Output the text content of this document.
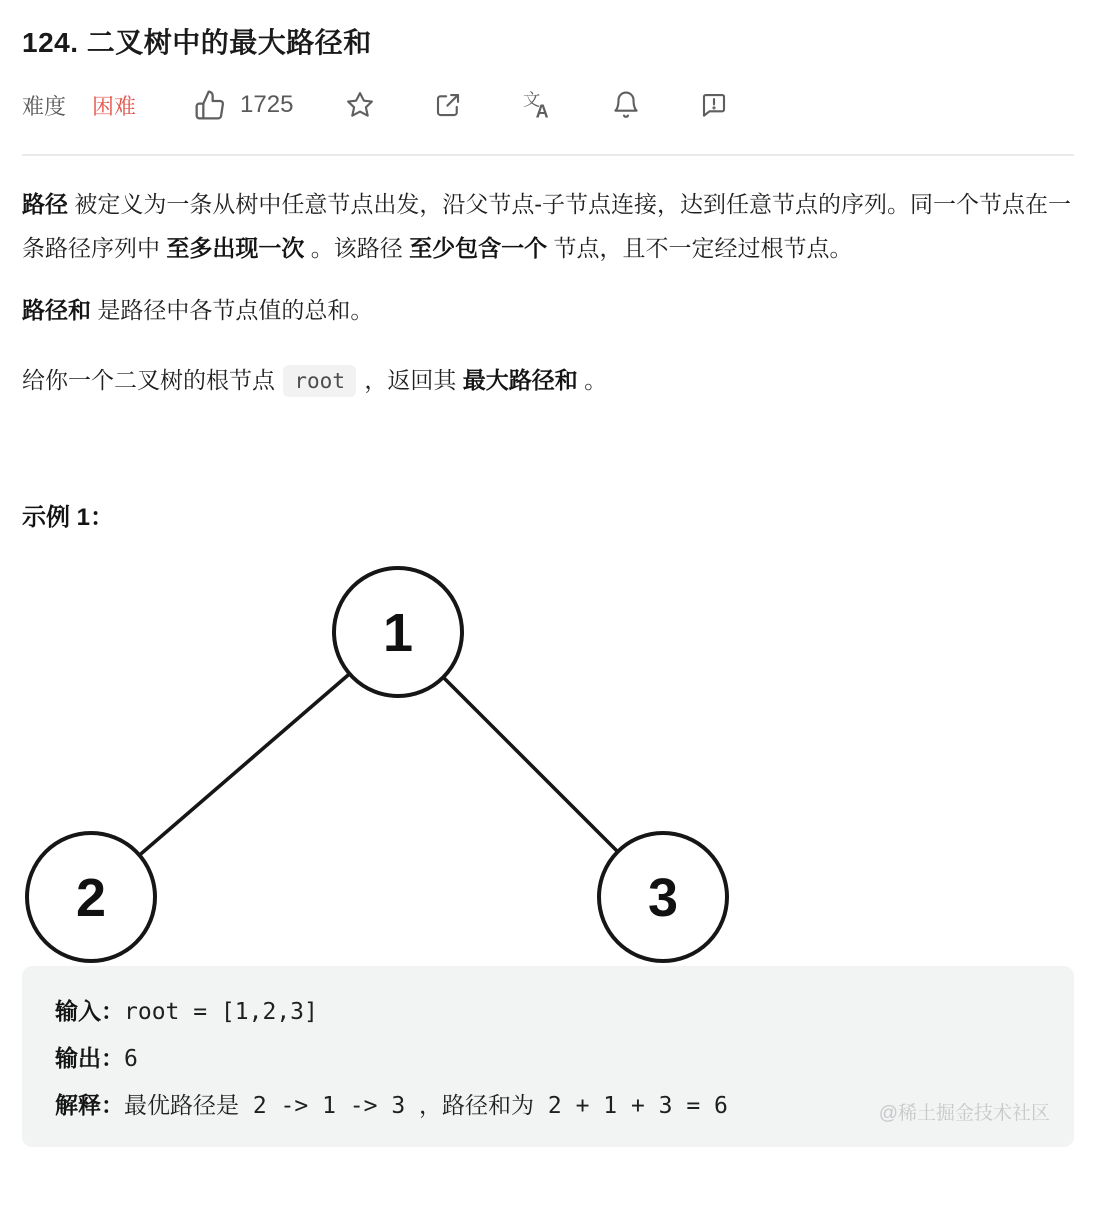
124. 二叉树中的最大路径和
难度 困难	1725	文
A

路径 被定义为一条从树中任意节点出发，沿父节点-子节点连接，达到任意节点的序列。同一个节点在一条路径序列中 至多出现一次 。该路径 至少包含一个 节点，且不一定经过根节点。

路径和 是路径中各节点值的总和。

给你一个二叉树的根节点 root ，返回其 最大路径和 。

示例 1：
1
2	3
输入：root = [1,2,3]
输出：6
解释：最优路径是 2 -> 1 -> 3 ，路径和为 2 + 1 + 3 = 6	@稀土掘金技术社区
